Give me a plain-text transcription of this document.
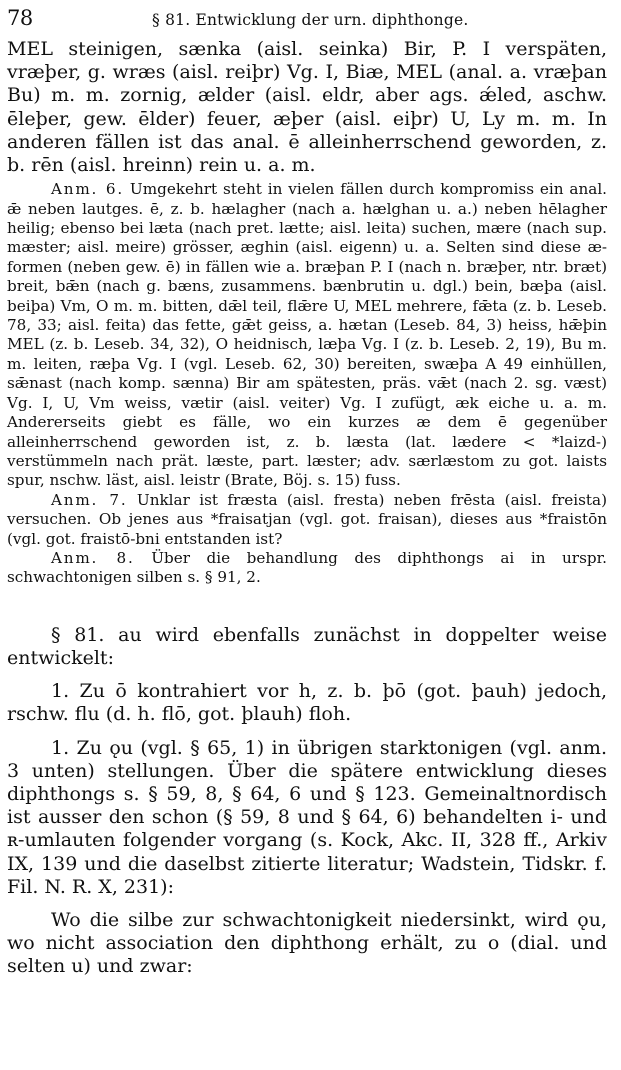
78	§ 81. Entwicklung der urn. diphthonge.

MEL steinigen, sænka (aisl. seinka) Bir, P. I verspäten, vræþer, g. wræs (aisl. reiþr) Vg. I, Biæ, MEL (anal. a. vræþan Bu) m. m. zornig, ælder (aisl. eldr, aber ags. ǽled, aschw. ēleþer, gew. ēlder) feuer, æþer (aisl. eiþr) U, Ly m. m. In anderen fällen ist das anal. ē alleinherrschend geworden, z. b. rēn (aisl. hreinn) rein u. a. m.

Anm. 6. Umgekehrt steht in vielen fällen durch kompromiss ein anal. ǣ neben lautges. ē, z. b. hælagher (nach a. hælghan u. a.) neben hēlagher heilig; ebenso bei læta (nach pret. lætte; aisl. leita) suchen, mære (nach sup. mæster; aisl. meire) grösser, æghin (aisl. eigenn) u. a. Selten sind diese æ-formen (neben gew. ē) in fällen wie a. bræþan P. I (nach n. bræþer, ntr. bræt) breit, bǣn (nach g. bæns, zusammens. bænbrutin u. dgl.) bein, bæþa (aisl. beiþa) Vm, O m. m. bitten, dǣl teil, flǣre U, MEL mehrere, fǣta (z. b. Leseb. 78, 33; aisl. feita) das fette, gǣt geiss, a. hætan (Leseb. 84, 3) heiss, hǣþin MEL (z. b. Leseb. 34, 32), O heidnisch, læþa Vg. I (z. b. Leseb. 2, 19), Bu m. m. leiten, ræþa Vg. I (vgl. Leseb. 62, 30) bereiten, swæþa A 49 einhüllen, sǣnast (nach komp. sænna) Bir am spätesten, präs. vǣt (nach 2. sg. væst) Vg. I, U, Vm weiss, vætir (aisl. veiter) Vg. I zufügt, æk eiche u. a. m. Andererseits giebt es fälle, wo ein kurzes æ dem ē gegenüber alleinherrschend geworden ist, z. b. læsta (lat. lædere < *laizd-) verstümmeln nach prät. læste, part. læster; adv. særlæstom zu got. laists spur, nschw. läst, aisl. leistr (Brate, Böj. s. 15) fuss.

Anm. 7. Unklar ist fræsta (aisl. fresta) neben frēsta (aisl. freista) versuchen. Ob jenes aus *fraisatjan (vgl. got. fraisan), dieses aus *fraistōn (vgl. got. fraistō-bni entstanden ist?

Anm. 8. Über die behandlung des diphthongs ai in urspr. schwachtonigen silben s. § 91, 2.

§ 81. au wird ebenfalls zunächst in doppelter weise entwickelt:

1. Zu ō kontrahiert vor h, z. b. þō (got. þauh) jedoch, rschw. flu (d. h. flō, got. þlauh) floh.

1. Zu ǫu (vgl. § 65, 1) in übrigen starktonigen (vgl. anm. 3 unten) stellungen. Über die spätere entwicklung dieses diphthongs s. § 59, 8, § 64, 6 und § 123. Gemeinaltnordisch ist ausser den schon (§ 59, 8 und § 64, 6) behandelten i- und ʀ-umlauten folgender vorgang (s. Kock, Akc. II, 328 ff., Arkiv IX, 139 und die daselbst zitierte literatur; Wadstein, Tidskr. f. Fil. N. R. X, 231):

Wo die silbe zur schwachtonigkeit niedersinkt, wird ǫu, wo nicht association den diphthong erhält, zu o (dial. und selten u) und zwar:
